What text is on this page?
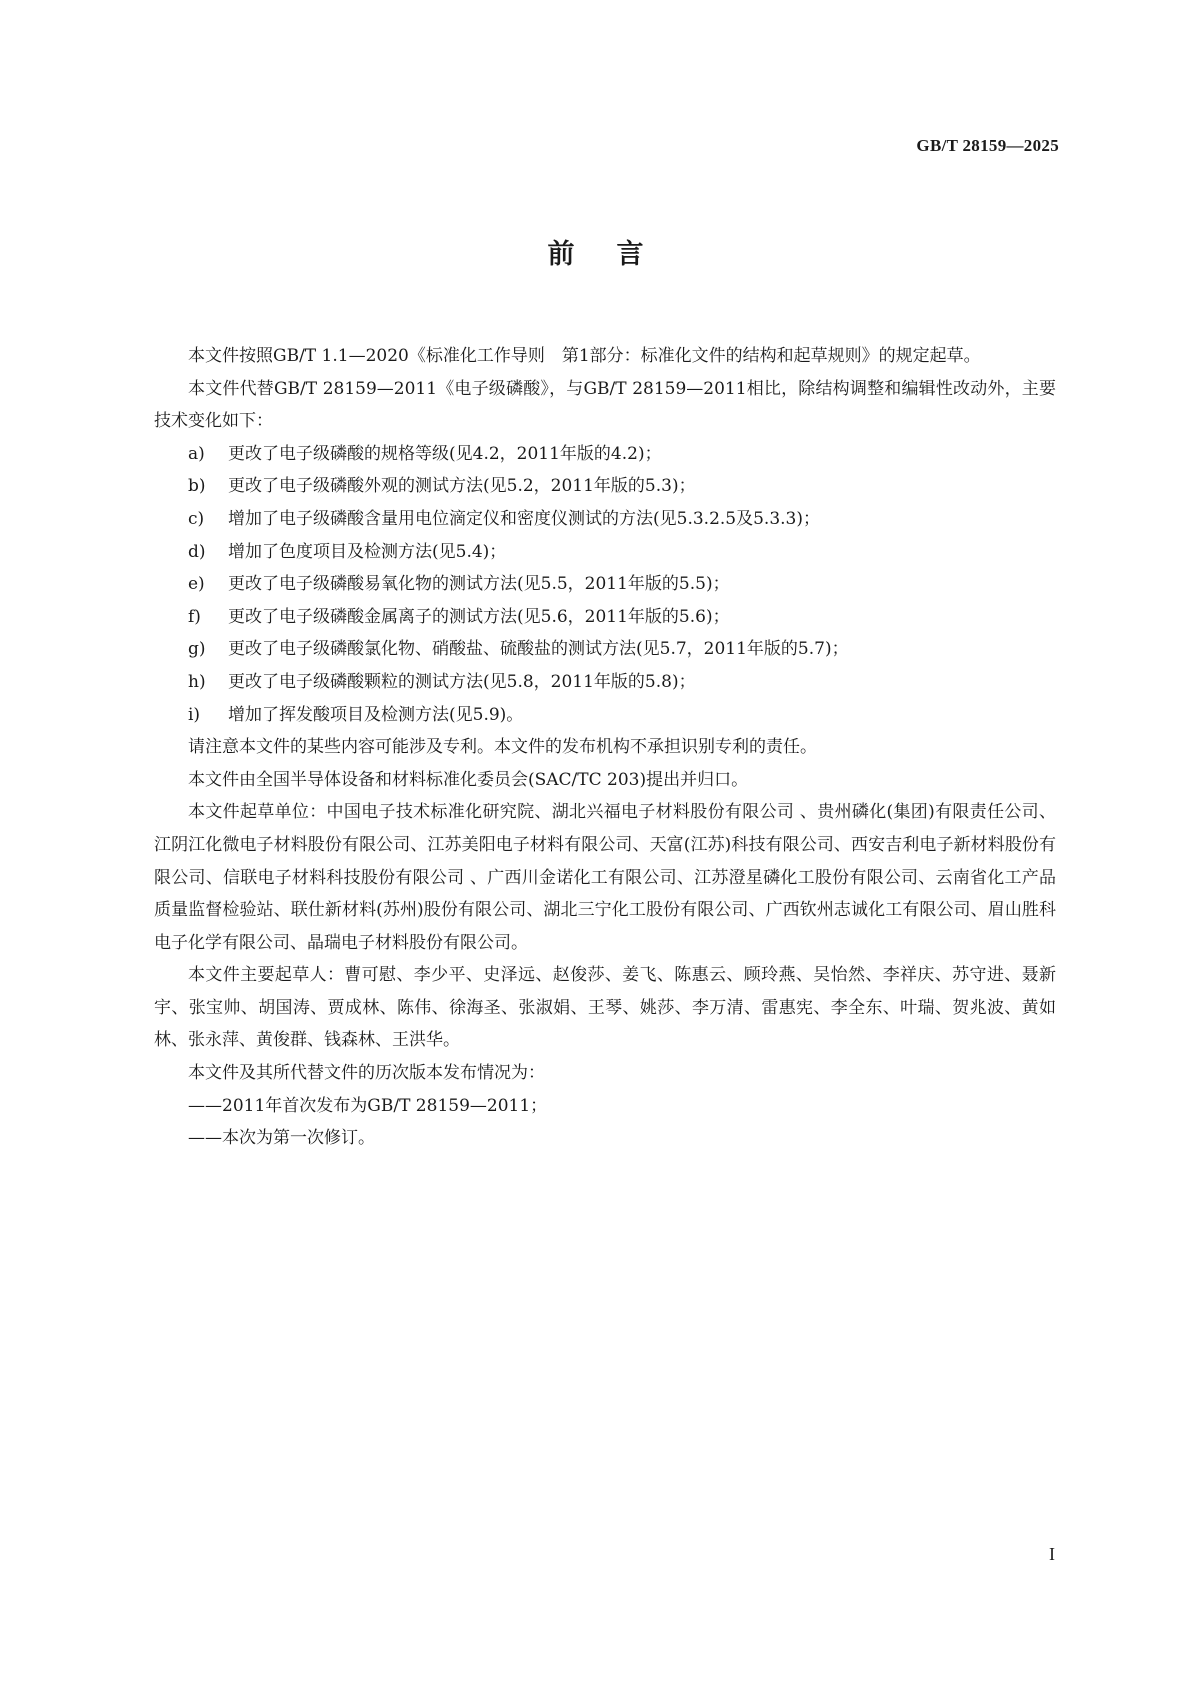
GB/T 28159—2025
前言

本文件按照GB/T 1.1—2020《标准化工作导则　第1部分：标准化文件的结构和起草规则》的规定起草。

本文件代替GB/T 28159—2011《电子级磷酸》，与GB/T 28159—2011相比，除结构调整和编辑性改动外，主要技术变化如下：

a)	更改了电子级磷酸的规格等级(见4.2，2011年版的4.2)；
b)	更改了电子级磷酸外观的测试方法(见5.2，2011年版的5.3)；
c)	增加了电子级磷酸含量用电位滴定仪和密度仪测试的方法(见5.3.2.5及5.3.3)；
d)	增加了色度项目及检测方法(见5.4)；
e)	更改了电子级磷酸易氧化物的测试方法(见5.5，2011年版的5.5)；
f)	更改了电子级磷酸金属离子的测试方法(见5.6，2011年版的5.6)；
g)	更改了电子级磷酸氯化物、硝酸盐、硫酸盐的测试方法(见5.7，2011年版的5.7)；
h)	更改了电子级磷酸颗粒的测试方法(见5.8，2011年版的5.8)；
i)	增加了挥发酸项目及检测方法(见5.9)。

请注意本文件的某些内容可能涉及专利。本文件的发布机构不承担识别专利的责任。

本文件由全国半导体设备和材料标准化委员会(SAC/TC 203)提出并归口。

本文件起草单位：中国电子技术标准化研究院、湖北兴福电子材料股份有限公司 、贵州磷化(集团)有限责任公司、江阴江化微电子材料股份有限公司、江苏美阳电子材料有限公司、天富(江苏)科技有限公司、西安吉利电子新材料股份有限公司、信联电子材料科技股份有限公司 、广西川金诺化工有限公司、江苏澄星磷化工股份有限公司、云南省化工产品质量监督检验站、联仕新材料(苏州)股份有限公司、湖北三宁化工股份有限公司、广西钦州志诚化工有限公司、眉山胜科电子化学有限公司、晶瑞电子材料股份有限公司。

本文件主要起草人：曹可慰、李少平、史泽远、赵俊莎、姜飞、陈惠云、顾玲燕、吴怡然、李祥庆、苏守进、聂新宇、张宝帅、胡国涛、贾成林、陈伟、徐海圣、张淑娟、王琴、姚莎、李万清、雷惠宪、李全东、叶瑞、贺兆波、黄如林、张永萍、黄俊群、钱森林、王洪华。

本文件及其所代替文件的历次版本发布情况为：

——2011年首次发布为GB/T 28159—2011；
——本次为第一次修订。
I
